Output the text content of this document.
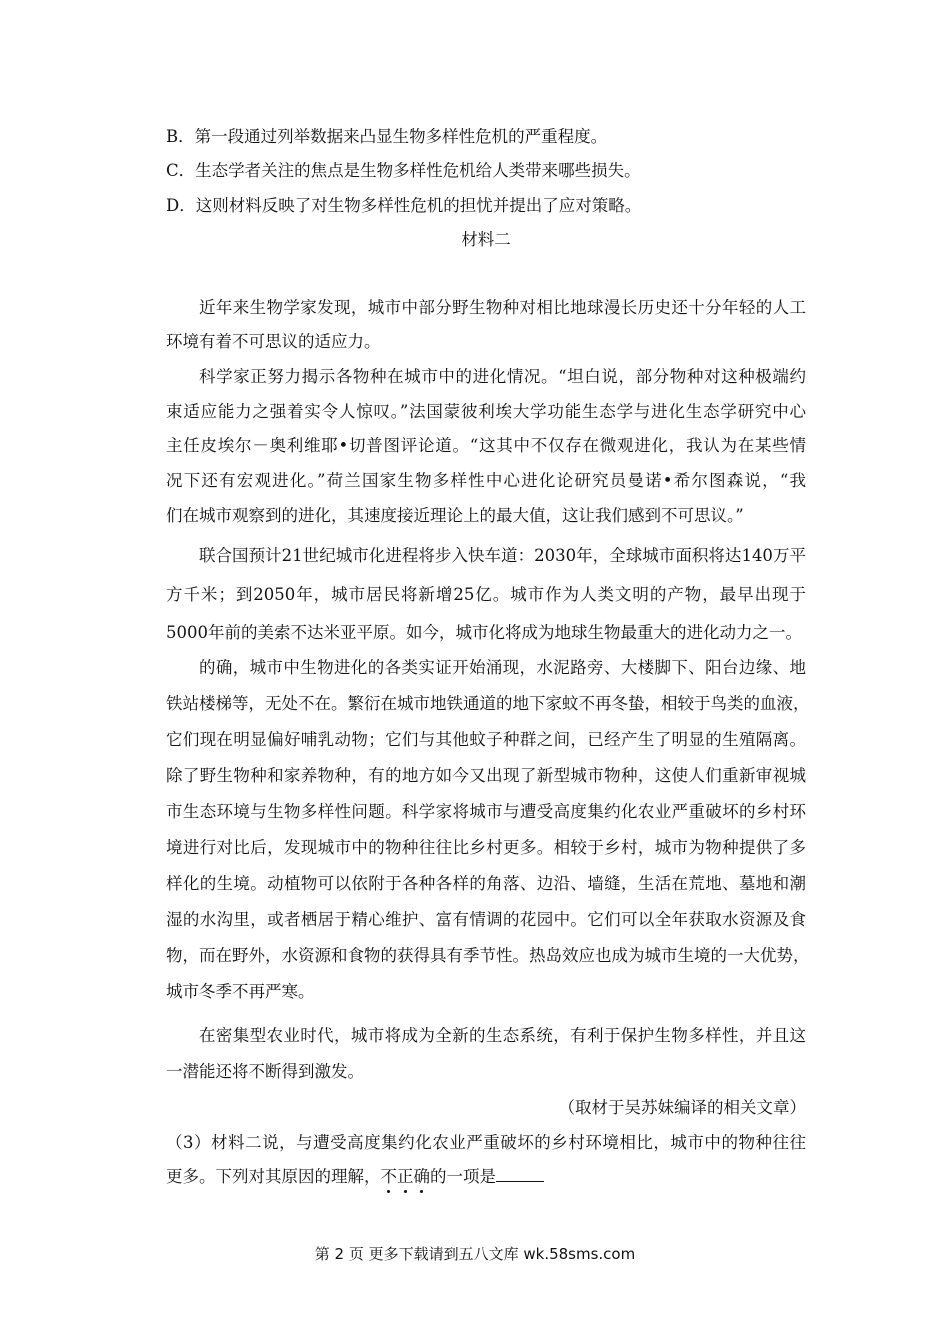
B．第一段通过列举数据来凸显生物多样性危机的严重程度。
C．生态学者关注的焦点是生物多样性危机给人类带来哪些损失。
D．这则材料反映了对生物多样性危机的担忧并提出了应对策略。
材料二
近年来生物学家发现，城市中部分野生物种对相比地球漫长历史还十分年轻的人工
环境有着不可思议的适应力。
科学家正努力揭示各物种在城市中的进化情况。“坦白说，部分物种对这种极端约
束适应能力之强着实令人惊叹。”法国蒙彼利埃大学功能生态学与进化生态学研究中心
主任皮埃尔－奥利维耶•切普图评论道。“这其中不仅存在微观进化，我认为在某些情
况下还有宏观进化。”荷兰国家生物多样性中心进化论研究员曼诺•希尔图森说，“我
们在城市观察到的进化，其速度接近理论上的最大值，这让我们感到不可思议。”
联合国预计21世纪城市化进程将步入快车道：2030年，全球城市面积将达140万平
方千米；到2050年，城市居民将新增25亿。城市作为人类文明的产物，最早出现于
5000年前的美索不达米亚平原。如今，城市化将成为地球生物最重大的进化动力之一。
的确，城市中生物进化的各类实证开始涌现，水泥路旁、大楼脚下、阳台边缘、地
铁站楼梯等，无处不在。繁衍在城市地铁通道的地下家蚊不再冬蛰，相较于鸟类的血液，
它们现在明显偏好哺乳动物；它们与其他蚊子种群之间，已经产生了明显的生殖隔离。
除了野生物种和家养物种，有的地方如今又出现了新型城市物种，这使人们重新审视城
市生态环境与生物多样性问题。科学家将城市与遭受高度集约化农业严重破坏的乡村环
境进行对比后，发现城市中的物种往往比乡村更多。相较于乡村，城市为物种提供了多
样化的生境。动植物可以依附于各种各样的角落、边沿、墙缝，生活在荒地、墓地和潮
湿的水沟里，或者栖居于精心维护、富有情调的花园中。它们可以全年获取水资源及食
物，而在野外，水资源和食物的获得具有季节性。热岛效应也成为城市生境的一大优势，
城市冬季不再严寒。
在密集型农业时代，城市将成为全新的生态系统，有利于保护生物多样性，并且这
一潜能还将不断得到激发。
（取材于吴苏妹编译的相关文章）
（3）材料二说，与遭受高度集约化农业严重破坏的乡村环境相比，城市中的物种往往
更多。下列对其原因的理解，不正确的一项是
第 2 页 更多下载请到五八文库 wk.58sms.com
